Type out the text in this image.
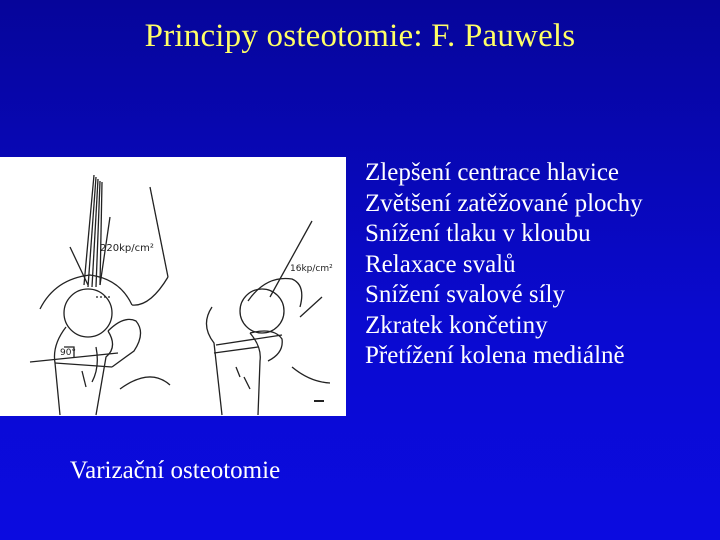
Principy osteotomie: F. Pauwels
220kp/cm²
16kp/cm²
90°
Varizační osteotomie
Zlepšení centrace hlavice
Zvětšení zatěžované plochy
Snížení tlaku v kloubu
Relaxace svalů
Snížení svalové síly
Zkratek končetiny
Přetížení kolena mediálně
